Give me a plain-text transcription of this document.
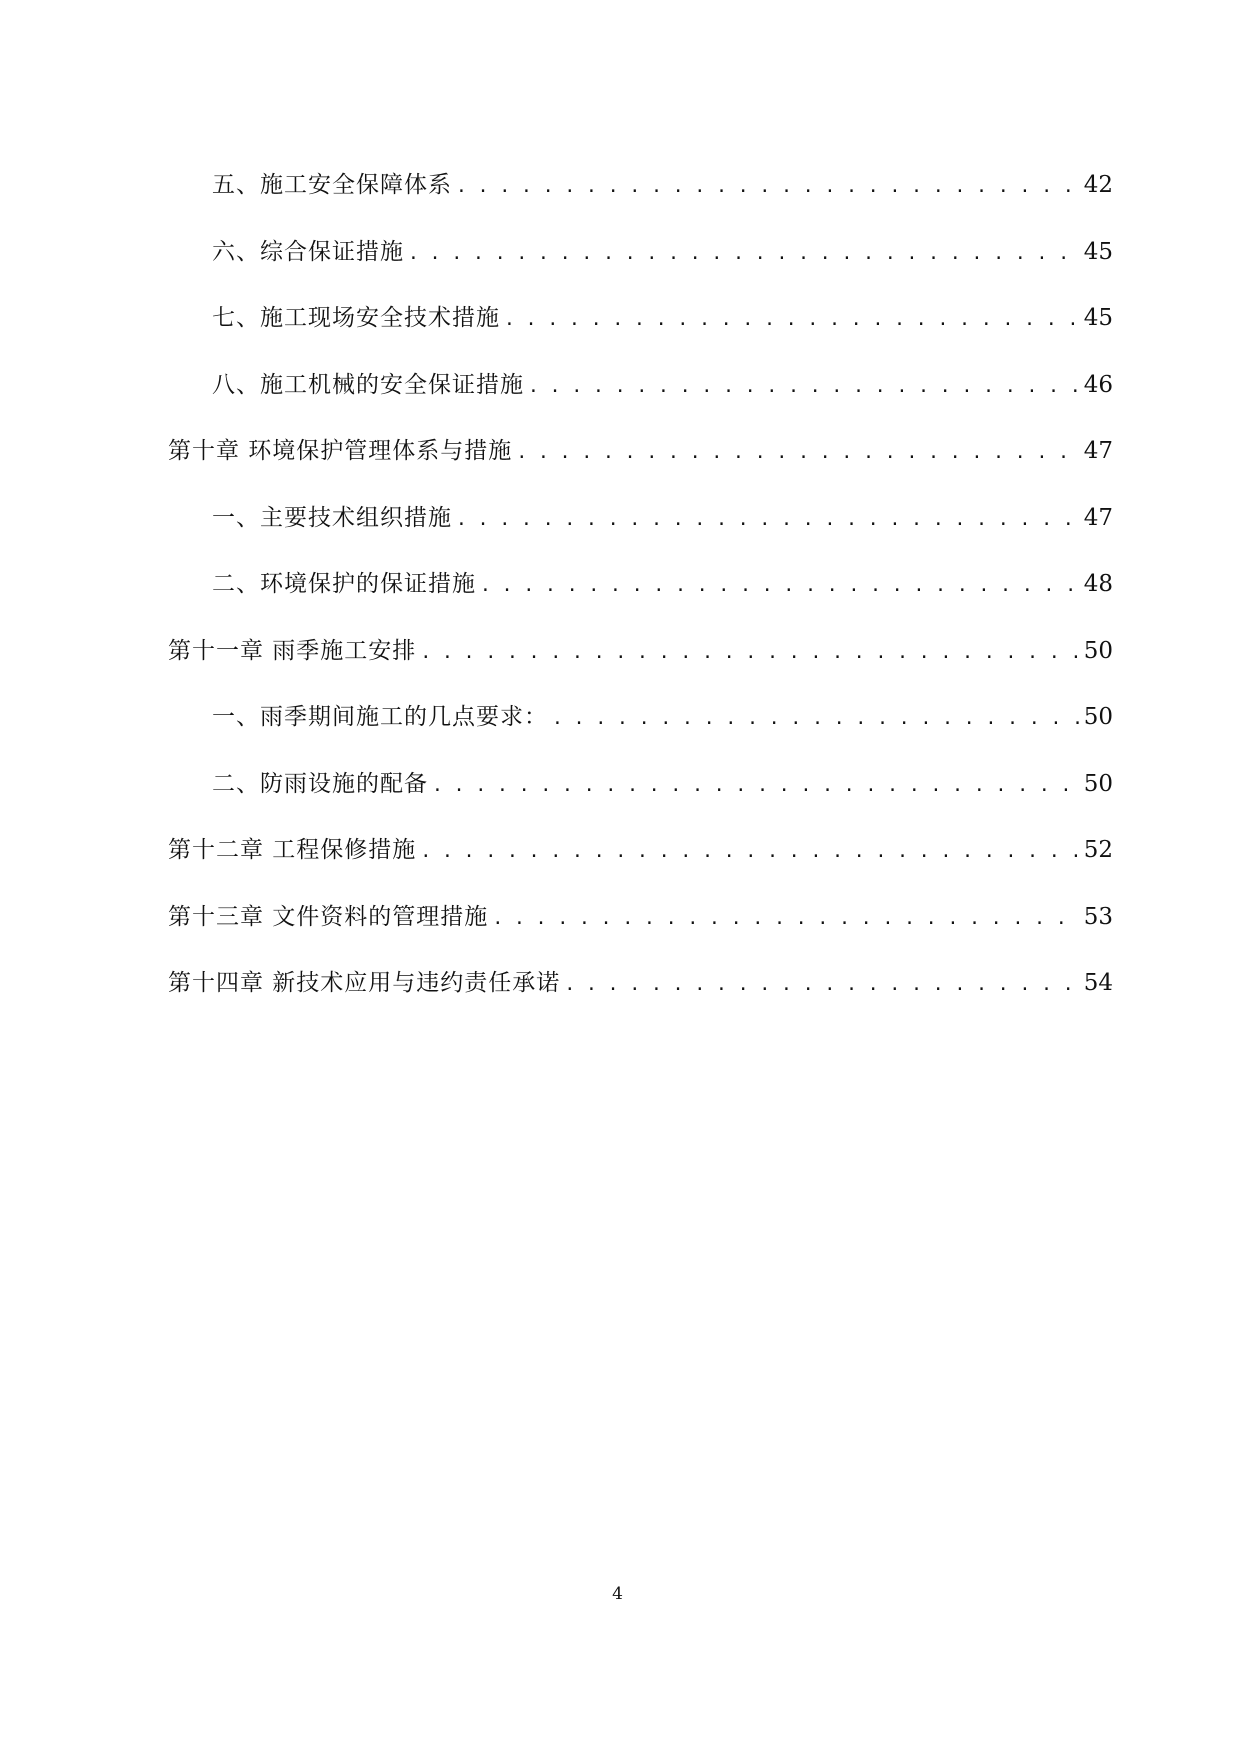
五、施工安全保障体系 . . .	42
六、综合保证措施 . . .	45
七、施工现场安全技术措施 . . .	45
八、施工机械的安全保证措施 . . .	46
第十章 环境保护管理体系与措施 . . .	47
一、主要技术组织措施 . . .	47
二、环境保护的保证措施 . . .	48
第十一章 雨季施工安排 . . .	50
一、雨季期间施工的几点要求： . . .	50
二、防雨设施的配备 . . .	50
第十二章 工程保修措施 . . .	52
第十三章 文件资料的管理措施 . . .	53
第十四章 新技术应用与违约责任承诺 . . .	54
4
